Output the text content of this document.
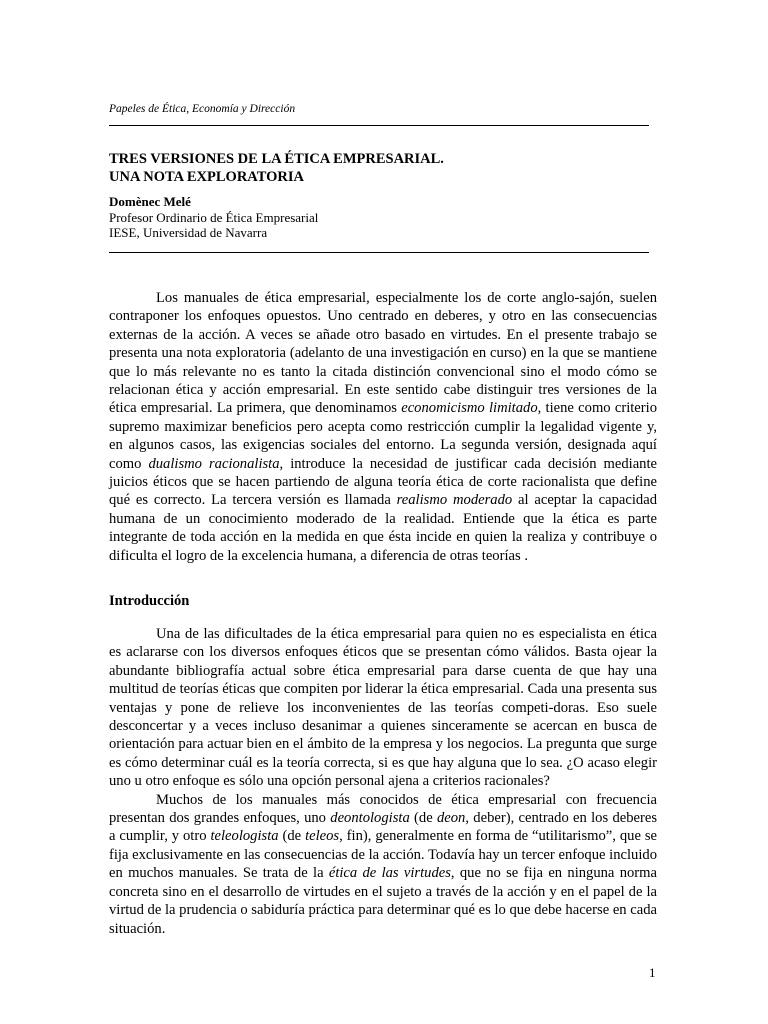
Papeles de Ética, Economía y Dirección
TRES VERSIONES DE LA ÉTICA EMPRESARIAL.
UNA NOTA EXPLORATORIA
Domènec Melé
Profesor Ordinario de Ética Empresarial
IESE, Universidad de Navarra

Los manuales de ética empresarial, especialmente los de corte anglo-sajón, suelen contraponer los enfoques opuestos. Uno centrado en deberes, y otro en las consecuencias externas de la acción. A veces se añade otro basado en virtudes. En el presente trabajo se presenta una nota exploratoria (adelanto de una investigación en curso) en la que se mantiene que lo más relevante no es tanto la citada distinción convencional sino el modo cómo se relacionan ética y acción empresarial. En este sentido cabe distinguir tres versiones de la ética empresarial. La primera, que denominamos economicismo limitado, tiene como criterio supremo maximizar beneficios pero acepta como restricción cumplir la legalidad vigente y, en algunos casos, las exigencias sociales del entorno. La segunda versión, designada aquí como dualismo racionalista, introduce la necesidad de justificar cada decisión mediante juicios éticos que se hacen partiendo de alguna teoría ética de corte racionalista que define qué es correcto. La tercera versión es llamada realismo moderado al aceptar la capacidad humana de un conocimiento moderado de la realidad. Entiende que la ética es parte integrante de toda acción en la medida en que ésta incide en quien la realiza y contribuye o dificulta el logro de la excelencia humana, a diferencia de otras teorías .

Introducción

Una de las dificultades de la ética empresarial para quien no es especialista en ética es aclararse con los diversos enfoques éticos que se presentan cómo válidos. Basta ojear la abundante bibliografía actual sobre ética empresarial para darse cuenta de que hay una multitud de teorías éticas que compiten por liderar la ética empresarial. Cada una presenta sus ventajas y pone de relieve los inconvenientes de las teorías competi-doras. Eso suele desconcertar y a veces incluso desanimar a quienes sinceramente se acercan en busca de orientación para actuar bien en el ámbito de la empresa y los negocios. La pregunta que surge es cómo determinar cuál es la teoría correcta, si es que hay alguna que lo sea. ¿O acaso elegir uno u otro enfoque es sólo una opción personal ajena a criterios racionales?

Muchos de los manuales más conocidos de ética empresarial con frecuencia presentan dos grandes enfoques, uno deontologista (de deon, deber), centrado en los deberes a cumplir, y otro teleologista (de teleos, fin), generalmente en forma de “utilitarismo”, que se fija exclusivamente en las consecuencias de la acción. Todavía hay un tercer enfoque incluido en muchos manuales. Se trata de la ética de las virtudes, que no se fija en ninguna norma concreta sino en el desarrollo de virtudes en el sujeto a través de la acción y en el papel de la virtud de la prudencia o sabiduría práctica para determinar qué es lo que debe hacerse en cada situación.

1
